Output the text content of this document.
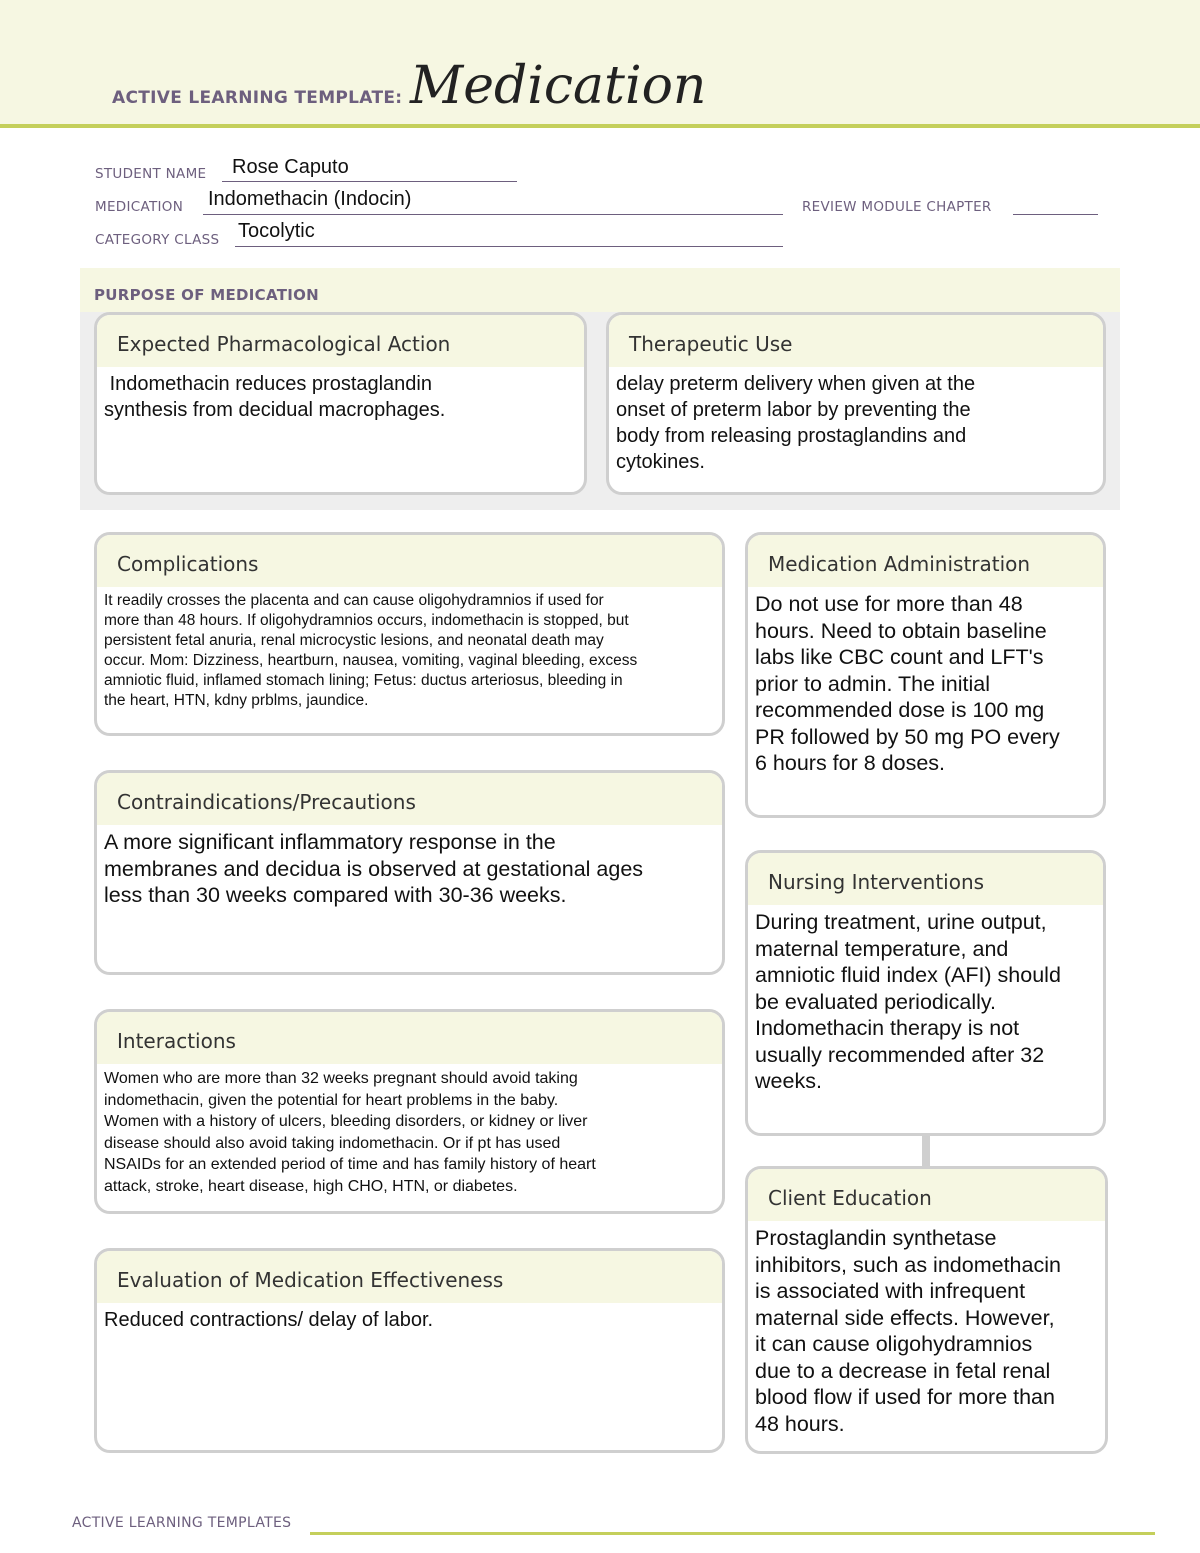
ACTIVE LEARNING TEMPLATE: Medication
STUDENT NAME Rose Caputo
MEDICATION Indomethacin (Indocin)	REVIEW MODULE CHAPTER
CATEGORY CLASS Tocolytic
PURPOSE OF MEDICATION
Expected Pharmacological Action
Indomethacin reduces prostaglandin
synthesis from decidual macrophages.
Therapeutic Use
delay preterm delivery when given at the
onset of preterm labor by preventing the
body from releasing prostaglandins and
cytokines.
Complications
It readily crosses the placenta and can cause oligohydramnios if used for
more than 48 hours. If oligohydramnios occurs, indomethacin is stopped, but
persistent fetal anuria, renal microcystic lesions, and neonatal death may
occur. Mom: Dizziness, heartburn, nausea, vomiting, vaginal bleeding, excess
amniotic fluid, inflamed stomach lining; Fetus: ductus arteriosus, bleeding in
the heart, HTN, kdny prblms, jaundice.
Contraindications/Precautions
A more significant inflammatory response in the
membranes and decidua is observed at gestational ages
less than 30 weeks compared with 30-36 weeks.
Interactions
Women who are more than 32 weeks pregnant should avoid taking
indomethacin, given the potential for heart problems in the baby.
Women with a history of ulcers, bleeding disorders, or kidney or liver
disease should also avoid taking indomethacin. Or if pt has used
NSAIDs for an extended period of time and has family history of heart
attack, stroke, heart disease, high CHO, HTN, or diabetes.
Evaluation of Medication Effectiveness
Reduced contractions/ delay of labor.
Medication Administration
Do not use for more than 48
hours. Need to obtain baseline
labs like CBC count and LFT's
prior to admin. The initial
recommended dose is 100 mg
PR followed by 50 mg PO every
6 hours for 8 doses.
Nursing Interventions
During treatment, urine output,
maternal temperature, and
amniotic fluid index (AFI) should
be evaluated periodically.
Indomethacin therapy is not
usually recommended after 32
weeks.
Client Education
Prostaglandin synthetase
inhibitors, such as indomethacin
is associated with infrequent
maternal side effects. However,
it can cause oligohydramnios
due to a decrease in fetal renal
blood flow if used for more than
48 hours.
ACTIVE LEARNING TEMPLATES
